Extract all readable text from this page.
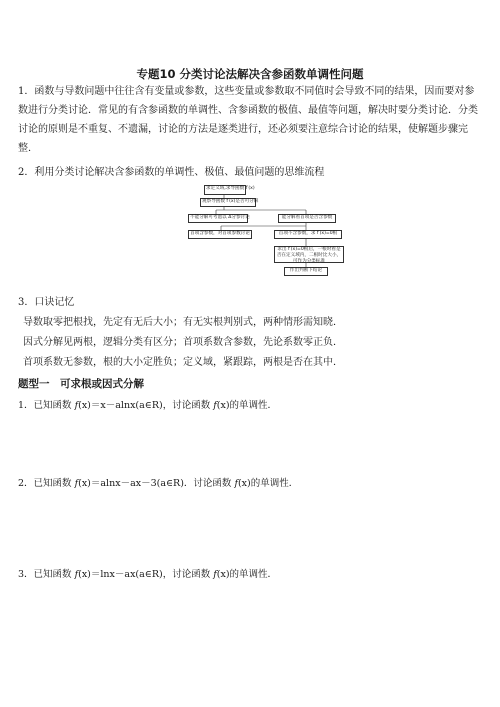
专题10 分类讨论法解决含参函数单调性问题

1．函数与导数问题中往往含有变量或参数，这些变量或参数取不同值时会导致不同的结果，因而要对参数进行分类讨论．常见的有含参函数的单调性、含参函数的极值、最值等问题，解决时要分类讨论．分类讨论的原则是不重复、不遗漏，讨论的方法是逐类进行，还必须要注意综合讨论的结果，使解题步骤完整．

2．利用分类讨论解决含参函数的单调性、极值、最值问题的思维流程
求定义域,求导函数 f′(x)
观察导函数 f′(x)是否可分解
不能分解可考虑以 Δ分参讨论	能分解看首项是否含参数
首项含参数，对首项参数讨论	首项不含参数，求 f′(x)=0根
求出 f′(x)=0根后，一根时看是否在定义域内，二根时比大小，可作为分类标准
作出判断下结论
3．口诀记忆
导数取零把根找，先定有无后大小；有无实根判别式，两种情形需知晓．
因式分解见两根，逻辑分类有区分；首项系数含参数，先论系数零正负．
首项系数无参数，根的大小定胜负；定义域，紧跟踪，两根是否在其中．
题型一　可求根或因式分解
1．已知函数 f(x)＝x－alnx(a∈R)，讨论函数 f(x)的单调性．
2．已知函数 f(x)＝alnx－ax－3(a∈R)．讨论函数 f(x)的单调性．
3．已知函数 f(x)＝lnx－ax(a∈R)，讨论函数 f(x)的单调性．
